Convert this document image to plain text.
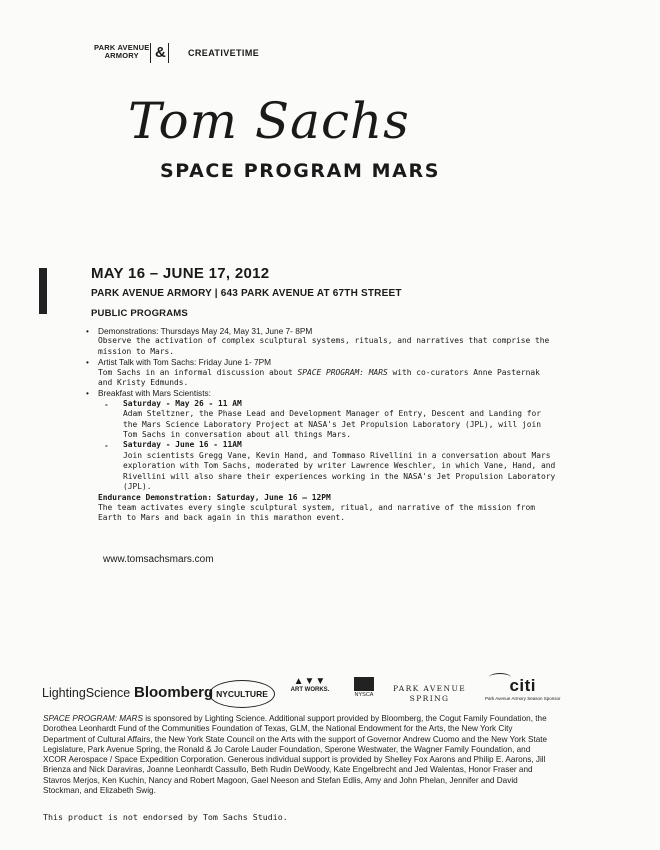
PARK AVENUE
ARMORY	& CREATIVETIME
Tom Sachs
SPACE PROGRAM MARS
MAY 16 – JUNE 17, 2012
PARK AVENUE ARMORY | 643 PARK AVENUE AT 67TH STREET
PUBLIC PROGRAMS
• Demonstrations: Thursdays May 24, May 31, June 7- 8PM
Observe the activation of complex sculptural systems, rituals, and narratives that comprise the mission to Mars.
• Artist Talk with Tom Sachs: Friday June 1- 7PM
Tom Sachs in an informal discussion about SPACE PROGRAM: MARS with co-curators Anne Pasternak and Kristy Edmunds.
• Breakfast with Mars Scientists:
- Saturday - May 26 - 11 AM
Adam Steltzner, the Phase Lead and Development Manager of Entry, Descent and Landing for the Mars Science Laboratory Project at NASA's Jet Propulsion Laboratory (JPL), will join Tom Sachs in conversation about all things Mars.
- Saturday - June 16 - 11AM
Join scientists Gregg Vane, Kevin Hand, and Tommaso Rivellini in a conversation about Mars exploration with Tom Sachs, moderated by writer Lawrence Weschler, in which Vane, Hand, and Rivellini will also share their experiences working in the NASA's Jet Propulsion Laboratory (JPL).
Endurance Demonstration: Saturday, June 16 – 12PM
The team activates every single sculptural system, ritual, and narrative of the mission from Earth to Mars and back again in this marathon event.
www.tomsachsmars.com
LightingScience Bloomberg NYCULTURE
▲▼▼
ART WORKS.
NYSCA
PARK AVENUE
SPRING
citi
Park Avenue Armory Season Sponsor
SPACE PROGRAM: MARS is sponsored by Lighting Science. Additional support provided by Bloomberg, the Cogut Family Foundation, the Dorothea Leonhardt Fund of the Communities Foundation of Texas, GLM, the National Endowment for the Arts, the New York City Department of Cultural Affairs, the New York State Council on the Arts with the support of Governor Andrew Cuomo and the New York State Legislature, Park Avenue Spring, the Ronald & Jo Carole Lauder Foundation, Sperone Westwater, the Wagner Family Foundation, and XCOR Aerospace / Space Expedition Corporation. Generous individual support is provided by Shelley Fox Aarons and Philip E. Aarons, Jill Brienza and Nick Daraviras, Joanne Leonhardt Cassullo, Beth Rudin DeWoody, Kate Engelbrecht and Jed Walentas, Honor Fraser and Stavros Merjos, Ken Kuchin, Nancy and Robert Magoon, Gael Neeson and Stefan Edlis, Amy and John Phelan, Jennifer and David Stockman, and Elizabeth Swig.
This product is not endorsed by Tom Sachs Studio.
